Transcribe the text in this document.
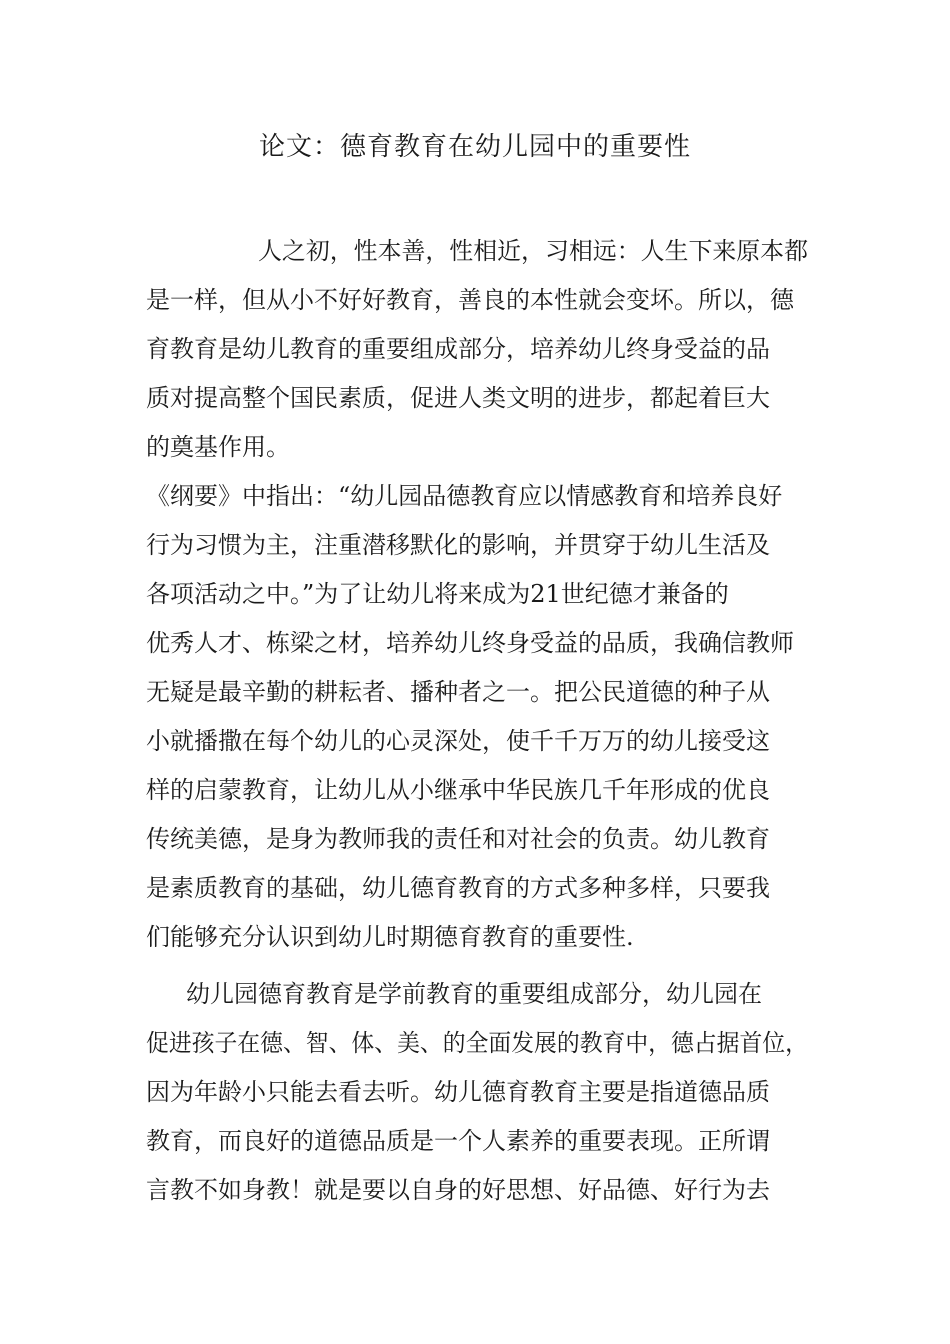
论文：德育教育在幼儿园中的重要性
人之初，性本善，性相近，习相远：人生下来原本都
是一样，但从小不好好教育，善良的本性就会变坏。所以，德
育教育是幼儿教育的重要组成部分，培养幼儿终身受益的品
质对提高整个国民素质，促进人类文明的进步，都起着巨大
的奠基作用。
《纲要》中指出：“幼儿园品德教育应以情感教育和培养良好
行为习惯为主，注重潜移默化的影响，并贯穿于幼儿生活及
各项活动之中。”为了让幼儿将来成为21世纪德才兼备的
优秀人才、栋梁之材，培养幼儿终身受益的品质，我确信教师
无疑是最辛勤的耕耘者、播种者之一。把公民道德的种子从
小就播撒在每个幼儿的心灵深处，使千千万万的幼儿接受这
样的启蒙教育，让幼儿从小继承中华民族几千年形成的优良
传统美德，是身为教师我的责任和对社会的负责。幼儿教育
是素质教育的基础，幼儿德育教育的方式多种多样，只要我
们能够充分认识到幼儿时期德育教育的重要性.
幼儿园德育教育是学前教育的重要组成部分，幼儿园在
促进孩子在德、智、体、美、的全面发展的教育中，德占据首位，
因为年龄小只能去看去听。幼儿德育教育主要是指道德品质
教育，而良好的道德品质是一个人素养的重要表现。正所谓
言教不如身教！就是要以自身的好思想、好品德、好行为去
